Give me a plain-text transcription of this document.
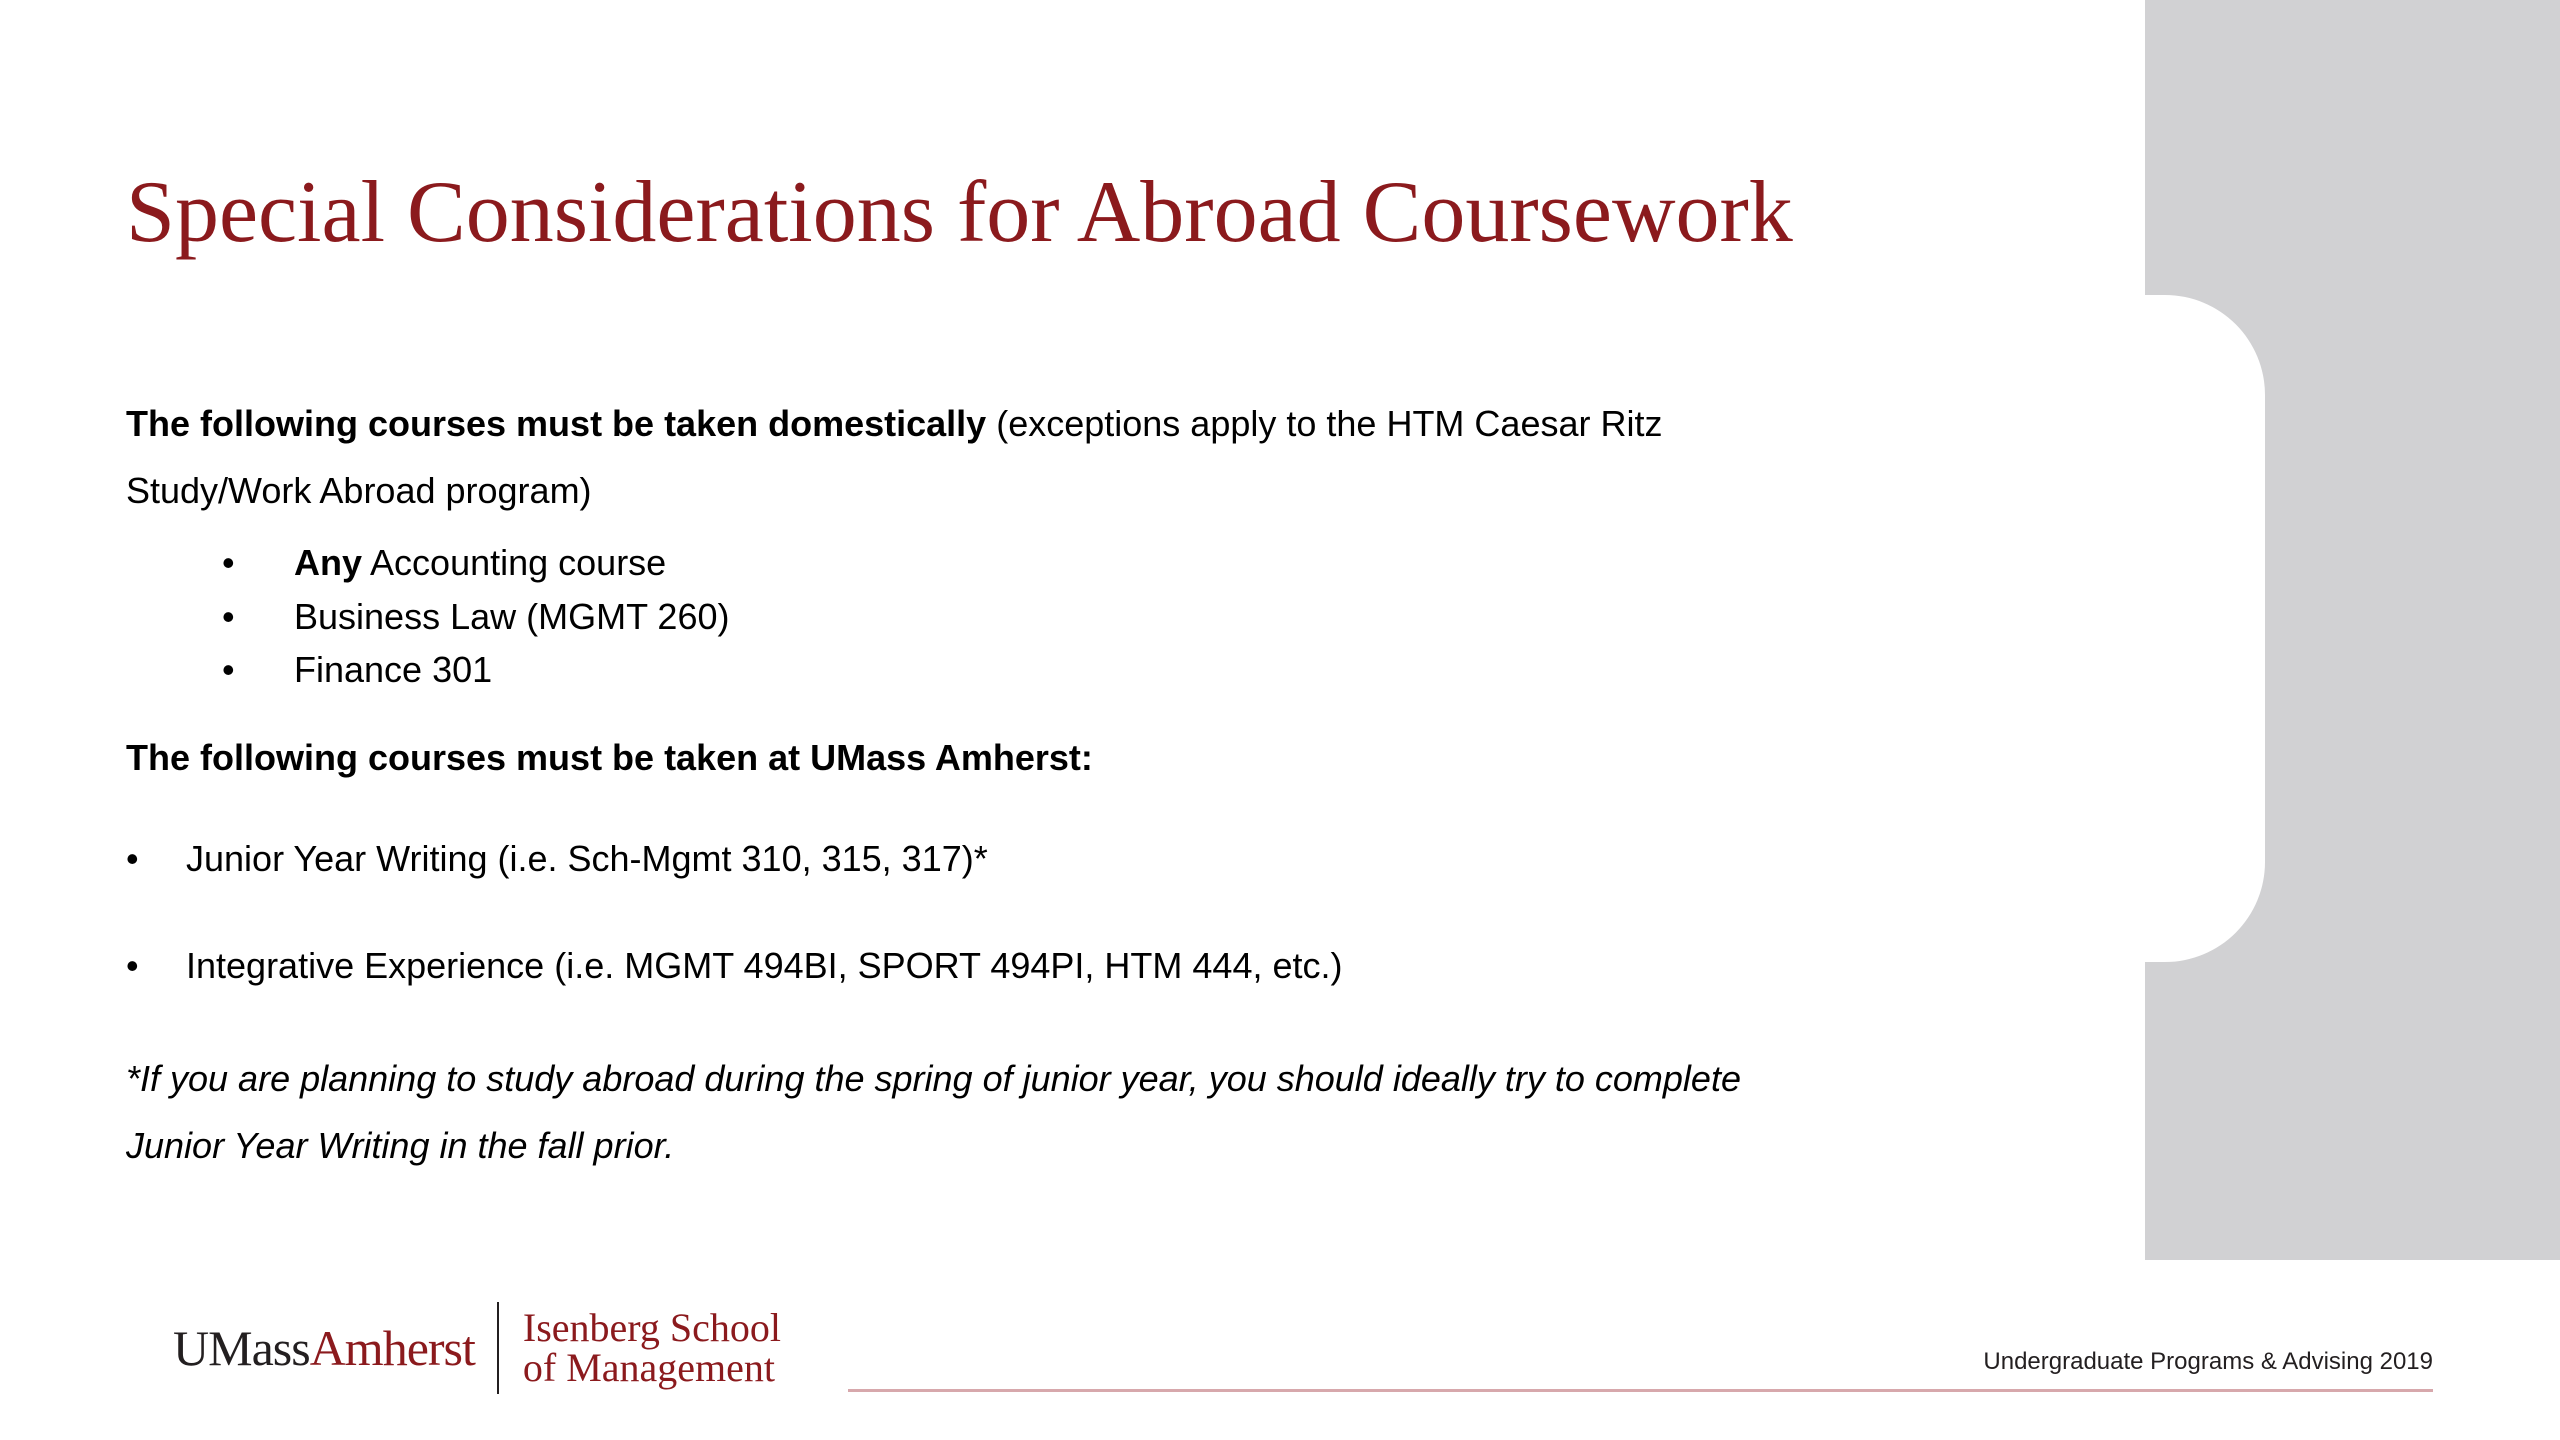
Special Considerations for Abroad Coursework

The following courses must be taken domestically (exceptions apply to the HTM Caesar Ritz Study/Work Abroad program)

• Any Accounting course
• Business Law (MGMT 260)
• Finance 301

The following courses must be taken at UMass Amherst:

• Junior Year Writing (i.e. Sch-Mgmt 310, 315, 317)*
• Integrative Experience (i.e. MGMT 494BI, SPORT 494PI, HTM 444, etc.)

*If you are planning to study abroad during the spring of junior year, you should ideally try to complete Junior Year Writing in the fall prior.

UMassAmherst Isenberg School
of Management	Undergraduate Programs & Advising 2019
